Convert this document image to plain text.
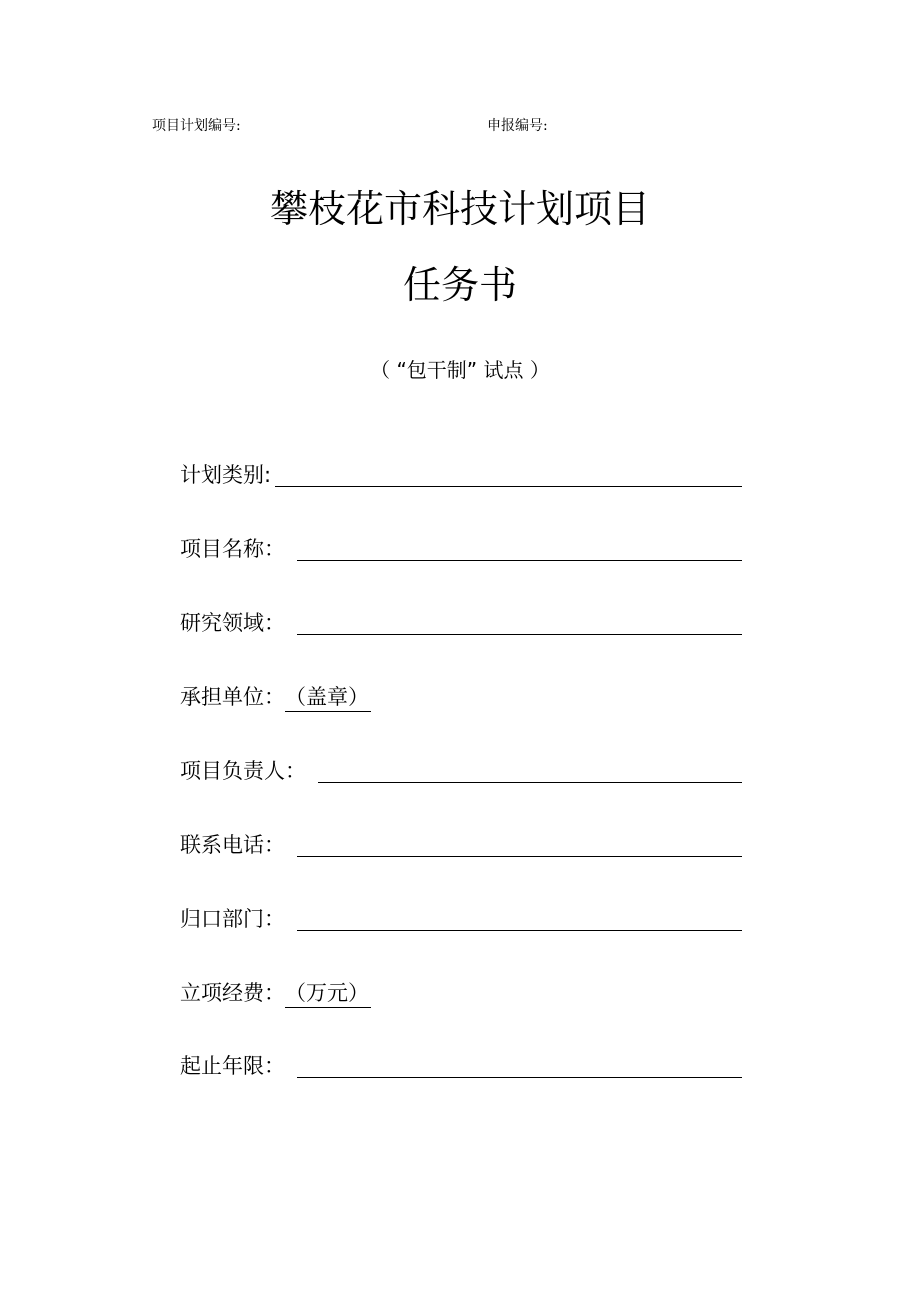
项目计划编号:	申报编号:
攀枝花市科技计划项目
任务书
（ “包干制” 试点 ）
计划类别:
项目名称：
研究领域：
承担单位： （盖章）
项目负责人：
联系电话：
归口部门：
立项经费： （万元）
起止年限：
